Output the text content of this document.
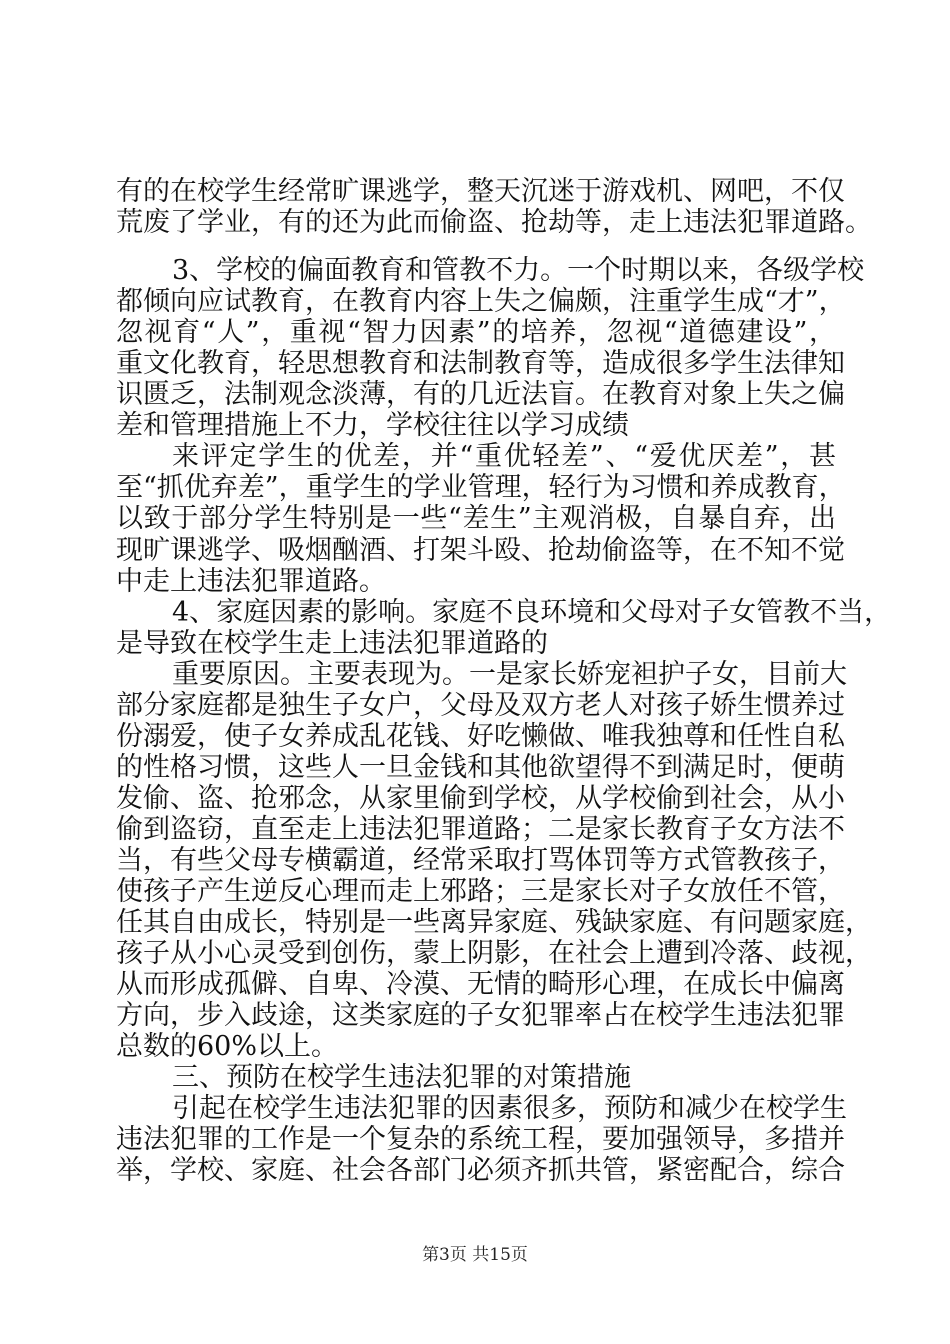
有的在校学生经常旷课逃学，整天沉迷于游戏机、网吧，不仅
荒废了学业，有的还为此而偷盗、抢劫等，走上违法犯罪道路。
3、学校的偏面教育和管教不力。一个时期以来，各级学校
都倾向应试教育，在教育内容上失之偏颇，注重学生成“才”，
忽视育“人”，重视“智力因素”的培养，忽视“道德建设”，
重文化教育，轻思想教育和法制教育等，造成很多学生法律知
识匮乏，法制观念淡薄，有的几近法盲。在教育对象上失之偏
差和管理措施上不力，学校往往以学习成绩
来评定学生的优差，并“重优轻差”、“爱优厌差”，甚
至“抓优弃差”，重学生的学业管理，轻行为习惯和养成教育，
以致于部分学生特别是一些“差生”主观消极，自暴自弃，出
现旷课逃学、吸烟酗酒、打架斗殴、抢劫偷盗等，在不知不觉
中走上违法犯罪道路。
4、家庭因素的影响。家庭不良环境和父母对子女管教不当，
是导致在校学生走上违法犯罪道路的
重要原因。主要表现为。一是家长娇宠袒护子女，目前大
部分家庭都是独生子女户，父母及双方老人对孩子娇生惯养过
份溺爱，使子女养成乱花钱、好吃懒做、唯我独尊和任性自私
的性格习惯，这些人一旦金钱和其他欲望得不到满足时，便萌
发偷、盗、抢邪念，从家里偷到学校，从学校偷到社会，从小
偷到盗窃，直至走上违法犯罪道路；二是家长教育子女方法不
当，有些父母专横霸道，经常采取打骂体罚等方式管教孩子，
使孩子产生逆反心理而走上邪路；三是家长对子女放任不管，
任其自由成长，特别是一些离异家庭、残缺家庭、有问题家庭，
孩子从小心灵受到创伤，蒙上阴影，在社会上遭到冷落、歧视，
从而形成孤僻、自卑、冷漠、无情的畸形心理，在成长中偏离
方向，步入歧途，这类家庭的子女犯罪率占在校学生违法犯罪
总数的60%以上。
三、预防在校学生违法犯罪的对策措施
引起在校学生违法犯罪的因素很多，预防和减少在校学生
违法犯罪的工作是一个复杂的系统工程，要加强领导，多措并
举，学校、家庭、社会各部门必须齐抓共管，紧密配合，综合
第3页 共15页
